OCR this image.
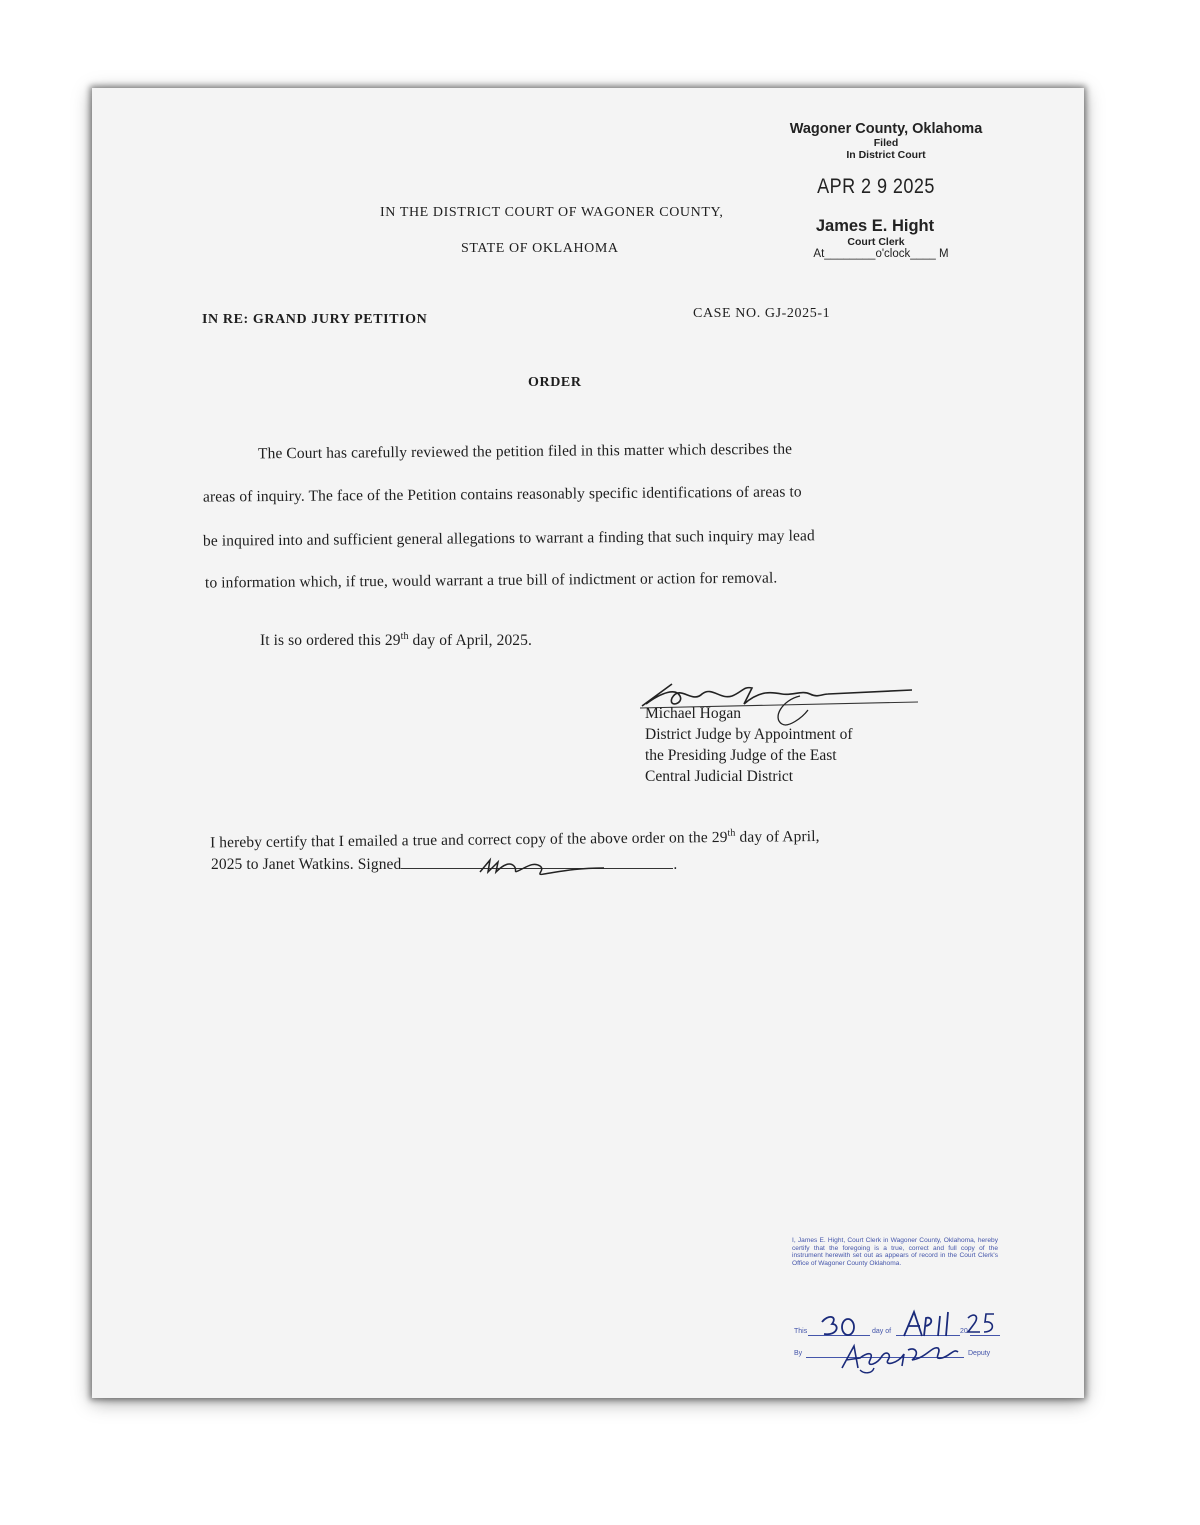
Wagoner County, Oklahoma
Filed
In District Court
APR 2 9 2025
James E. Hight
Court Clerk
At________o'clock____ M
IN THE DISTRICT COURT OF WAGONER COUNTY,
STATE OF OKLAHOMA
IN RE: GRAND JURY PETITION	CASE NO. GJ-2025-1
ORDER
The Court has carefully reviewed the petition filed in this matter which describes the
areas of inquiry. The face of the Petition contains reasonably specific identifications of areas to
be inquired into and sufficient general allegations to warrant a finding that such inquiry may lead
to information which, if true, would warrant a true bill of indictment or action for removal.
It is so ordered this 29th day of April, 2025.
Michael Hogan
District Judge by Appointment of
the Presiding Judge of the East
Central Judicial District
I hereby certify that I emailed a true and correct copy of the above order on the 29th day of April,
2025 to Janet Watkins. Signed	.
I, James E. Hight, Court Clerk in Wagoner County, Oklahoma, hereby certify that the foregoing is a true, correct and full copy of the instrument herewith set out as appears of record in the Court Clerk's Office of Wagoner County Oklahoma.
This	day of	20
By	Deputy
